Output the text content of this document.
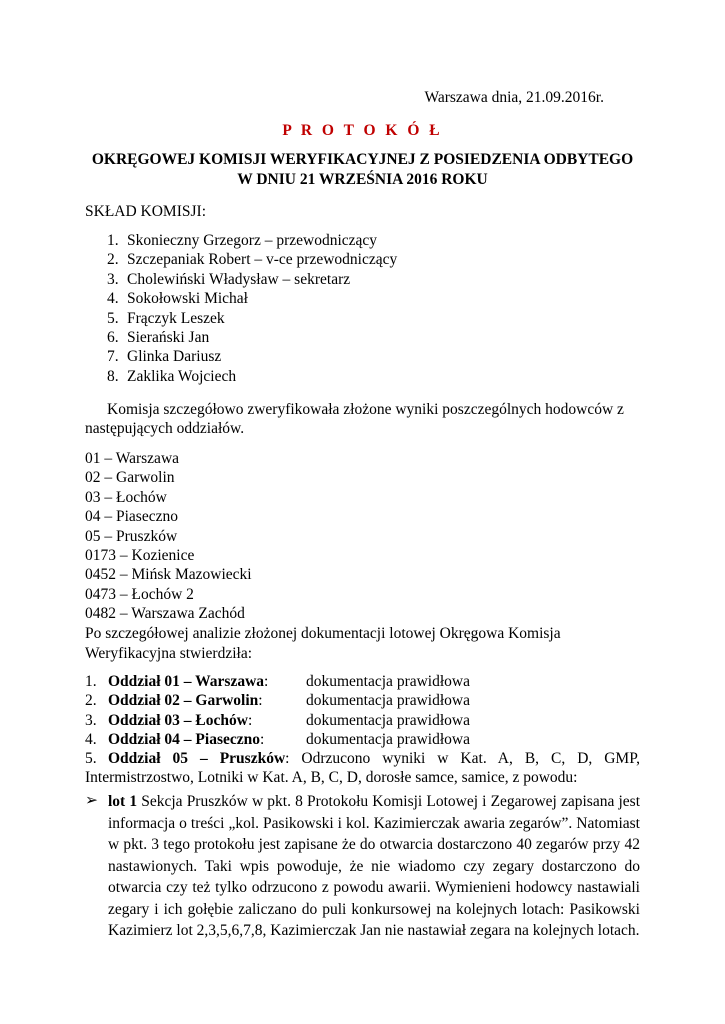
Warszawa dnia, 21.09.2016r.

P R O T O K Ó Ł

OKRĘGOWEJ KOMISJI WERYFIKACYJNEJ Z POSIEDZENIA ODBYTEGO W DNIU 21 WRZEŚNIA 2016 ROKU

SKŁAD KOMISJI:

1. Skonieczny Grzegorz – przewodniczący
2. Szczepaniak Robert – v-ce przewodniczący
3. Cholewiński Władysław – sekretarz
4. Sokołowski Michał
5. Frączyk Leszek
6. Sierański Jan
7. Glinka Dariusz
8. Zaklika Wojciech

Komisja szczegółowo zweryfikowała złożone wyniki poszczególnych hodowców z następujących oddziałów.

01 – Warszawa
02 – Garwolin
03 – Łochów
04 – Piaseczno
05 – Pruszków
0173 – Kozienice
0452 – Mińsk Mazowiecki
0473 – Łochów 2
0482 – Warszawa Zachód

Po szczegółowej analizie złożonej dokumentacji lotowej Okręgowa Komisja Weryfikacyjna stwierdziła:

1. Oddział 01 – Warszawa: dokumentacja prawidłowa
2. Oddział 02 – Garwolin:	dokumentacja prawidłowa
3. Oddział 03 – Łochów:	dokumentacja prawidłowa
4. Oddział 04 – Piaseczno:	dokumentacja prawidłowa

5. Oddział 05 – Pruszków: Odrzucono wyniki w Kat. A, B, C, D, GMP, Intermistrzostwo, Lotniki w Kat. A, B, C, D, dorosłe samce, samice, z powodu:

➢ lot 1 Sekcja Pruszków w pkt. 8 Protokołu Komisji Lotowej i Zegarowej zapisana jest informacja o treści „kol. Pasikowski i kol. Kazimierczak awaria zegarów”. Natomiast w pkt. 3 tego protokołu jest zapisane że do otwarcia dostarczono 40 zegarów przy 42 nastawionych. Taki wpis powoduje, że nie wiadomo czy zegary dostarczono do otwarcia czy też tylko odrzucono z powodu awarii. Wymienieni hodowcy nastawiali zegary i ich gołębie zaliczano do puli konkursowej na kolejnych lotach: Pasikowski Kazimierz lot 2,3,5,6,7,8, Kazimierczak Jan nie nastawiał zegara na kolejnych lotach.
